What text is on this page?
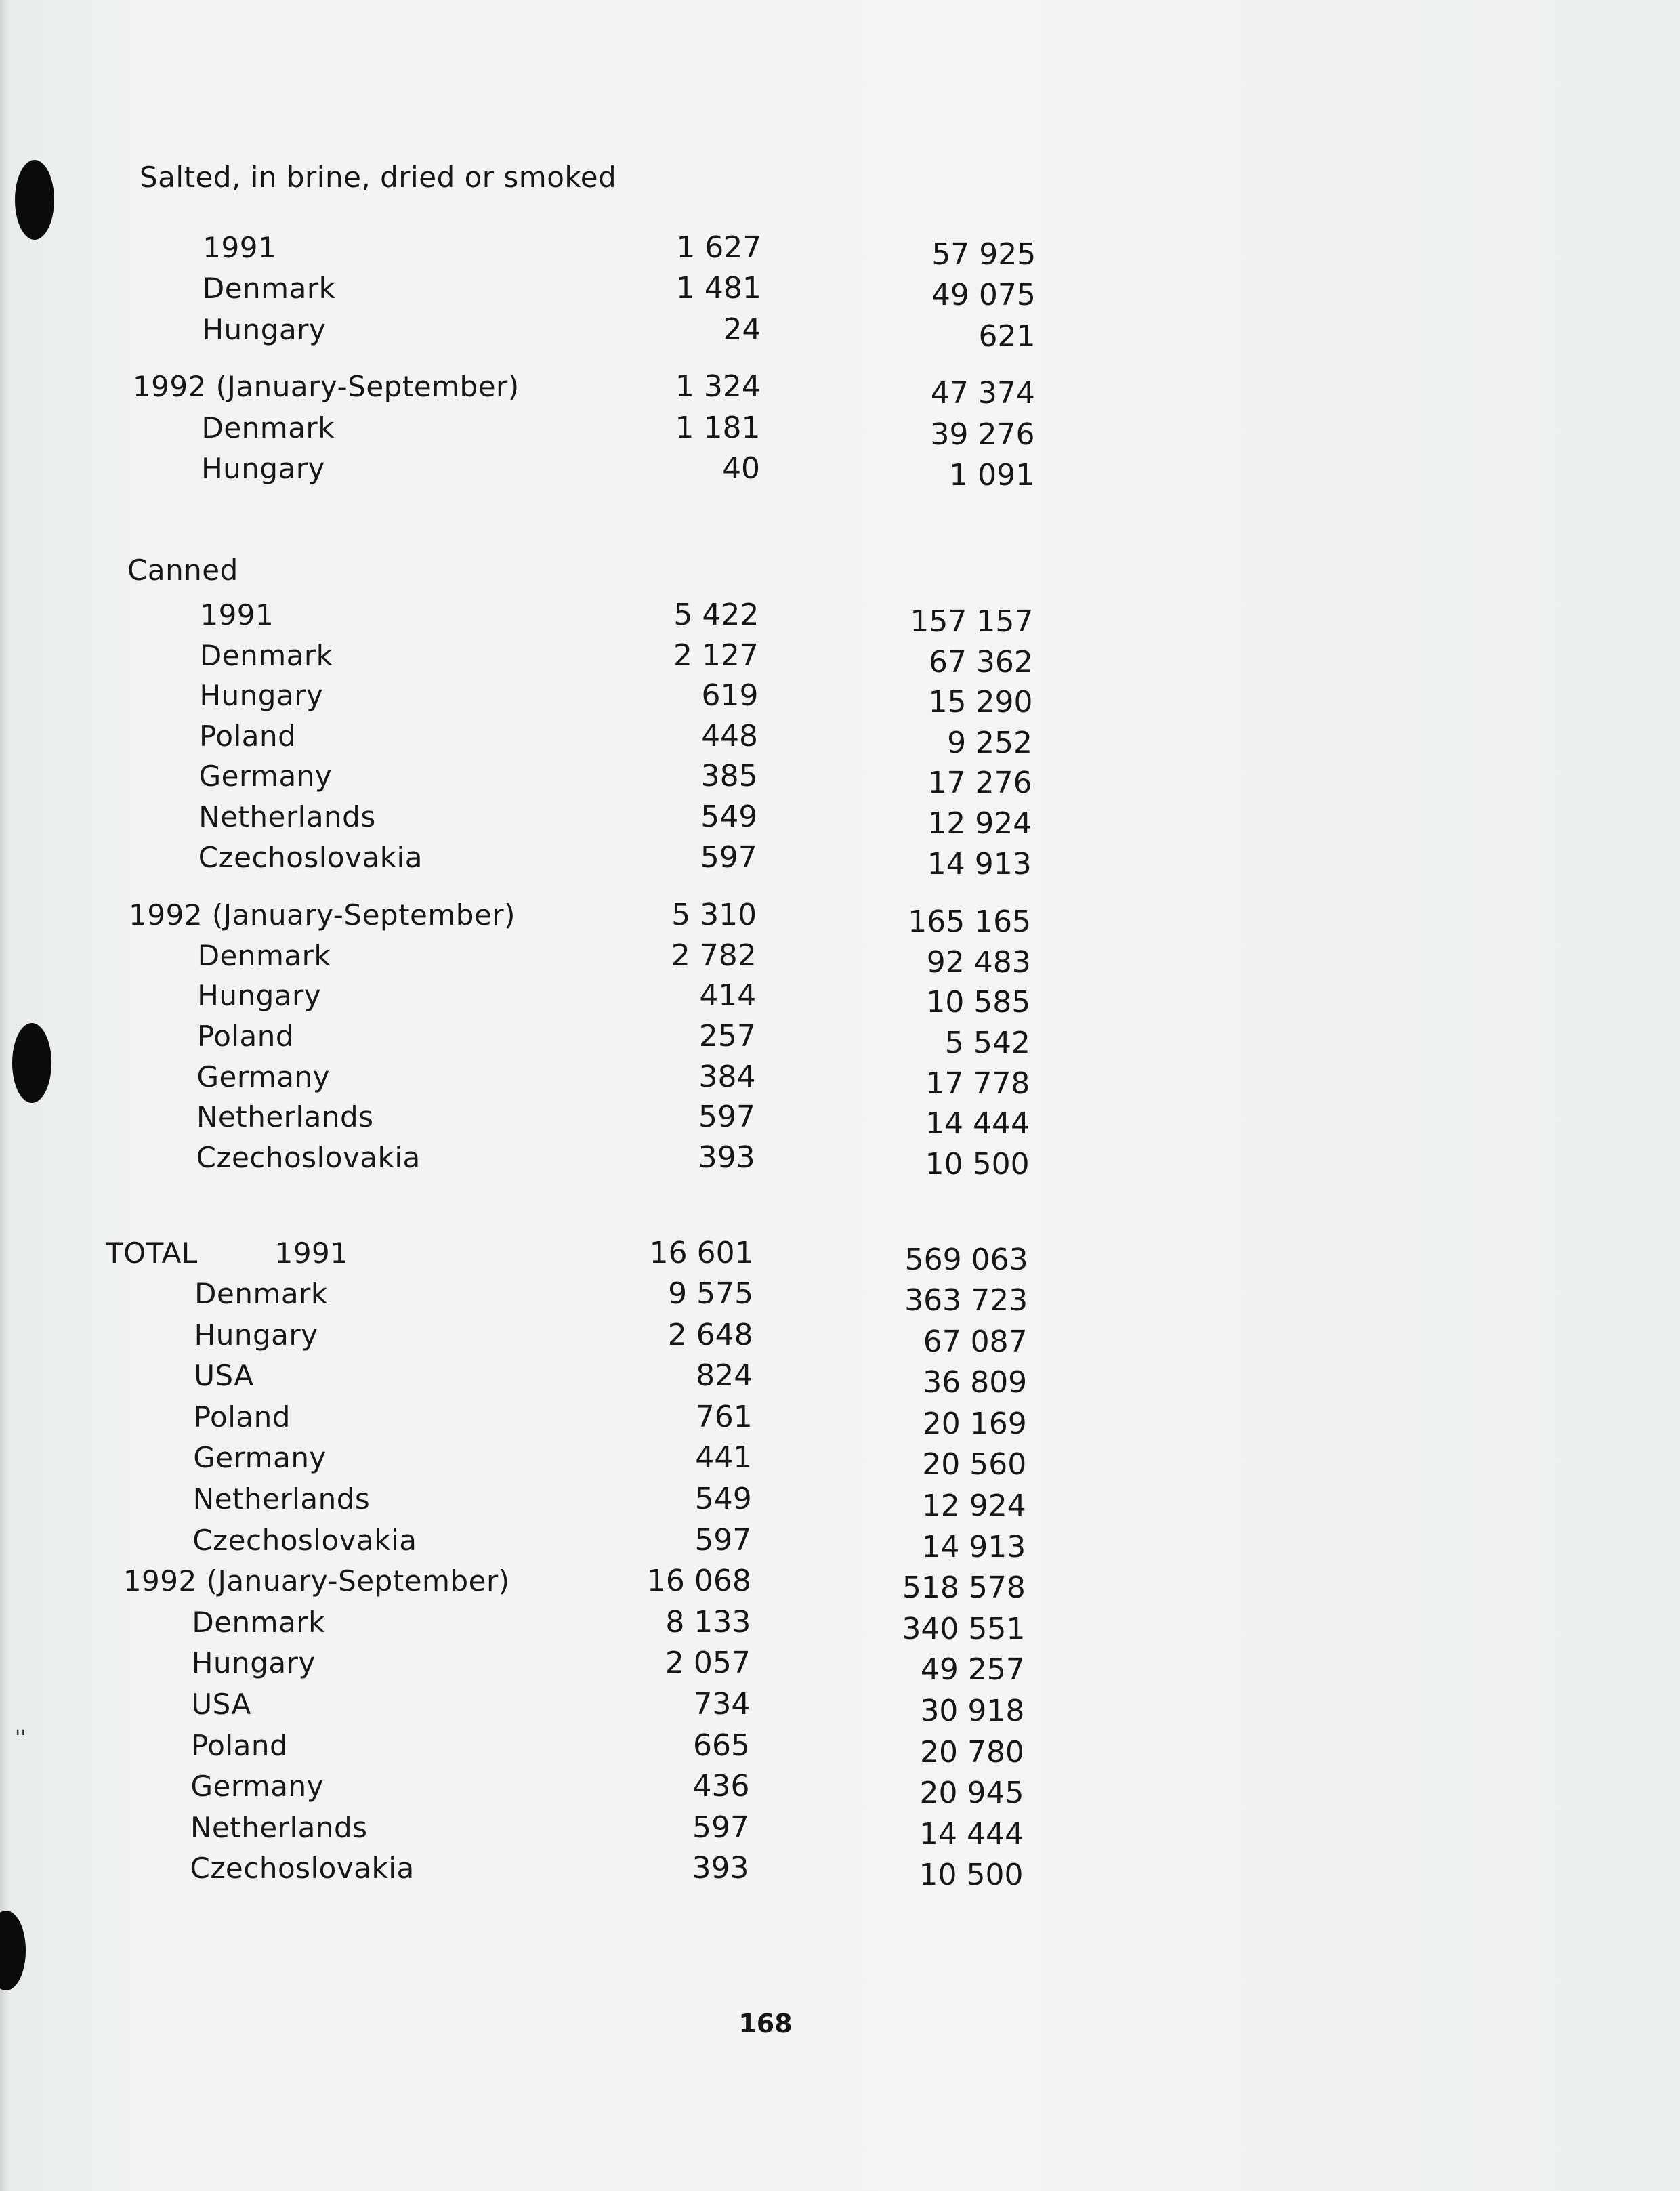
''
Salted, in brine, dried or smoked
1991	1 627	57 925
Denmark	1 481	49 075
Hungary	24	621
1992 (January-September)	1 324	47 374
Denmark	1 181	39 276
Hungary	40	1 091
Canned
1991	5 422	157 157
Denmark	2 127	67 362
Hungary	619	15 290
Poland	448	9 252
Germany	385	17 276
Netherlands	549	12 924
Czechoslovakia	597	14 913
1992 (January-September)	5 310	165 165
Denmark	2 782	92 483
Hungary	414	10 585
Poland	257	5 542
Germany	384	17 778
Netherlands	597	14 444
Czechoslovakia	393	10 500
TOTAL	1991	16 601	569 063
Denmark	9 575	363 723
Hungary	2 648	67 087
USA	824	36 809
Poland	761	20 169
Germany	441	20 560
Netherlands	549	12 924
Czechoslovakia	597	14 913
1992 (January-September)	16 068	518 578
Denmark	8 133	340 551
Hungary	2 057	49 257
USA	734	30 918
Poland	665	20 780
Germany	436	20 945
Netherlands	597	14 444
Czechoslovakia	393	10 500
168
